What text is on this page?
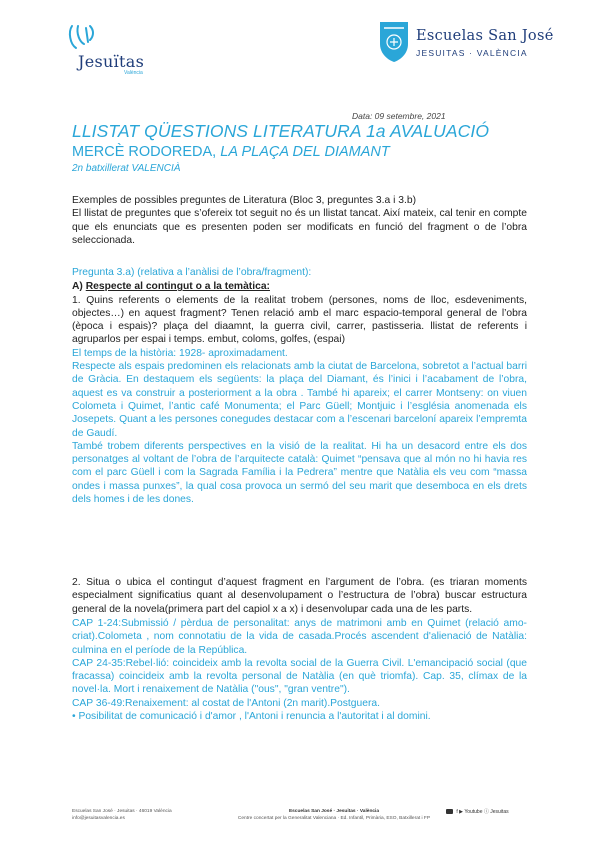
Jesuïtas
València
Escuelas San José
JESUITAS · VALÈNCIA
Data: 09 setembre, 2021
LLISTAT QÜESTIONS LITERATURA 1a AVALUACIÓ
MERCÈ RODOREDA, LA PLAÇA DEL DIAMANT
2n batxillerat VALENCIÀ

Exemples de possibles preguntes de Literatura (Bloc 3, preguntes 3.a i 3.b)

El llistat de preguntes que s’ofereix tot seguit no és un llistat tancat. Així mateix, cal tenir en compte que els enunciats que es presenten poden ser modificats en funció del fragment o de l’obra seleccionada.

Pregunta 3.a) (relativa a l’anàlisi de l’obra/fragment):

A) Respecte al contingut o a la temàtica:

1. Quins referents o elements de la realitat trobem (persones, noms de lloc, esdeveniments, objectes…) en aquest fragment? Tenen relació amb el marc espacio-temporal general de l’obra (època i espais)? plaça del diaamnt, la guerra civil, carrer, pastisseria. llistat de referents i agruparlos per espai i temps. embut, coloms, golfes, (espai)

El temps de la història: 1928- aproximadament.

Respecte als espais predominen els relacionats amb la ciutat de Barcelona, sobretot a l’actual barri de Gràcia. En destaquem els següents: la plaça del Diamant, és l’inici i l’acabament de l’obra, aquest es va construir a posteriorment a la obra . També hi apareix; el carrer Montseny: on viuen Colometa i Quimet, l’antic café Monumenta; el Parc Güell; Montjuic i l’església anomenada els Josepets. Quant a les persones conegudes destacar com a l’escenari barceloní apareix l’empremta de Gaudí.

També trobem diferents perspectives en la visió de la realitat. Hi ha un desacord entre els dos personatges al voltant de l’obra de l’arquitecte català: Quimet “pensava que al món no hi havia res com el parc Güell i com la Sagrada Família i la Pedrera” mentre que Natàlia els veu com “massa ondes i massa punxes”, la qual cosa provoca un sermó del seu marit que desemboca en els drets dels homes i de les dones.

2. Situa o ubica el contingut d’aquest fragment en l’argument de l’obra. (es triaran moments especialment significatius quant al desenvolupament o l’estructura de l’obra) buscar estructura general de la novela(primera part del capiol x a x) i desenvolupar cada una de les parts.

CAP 1-24:Submissió / pèrdua de personalitat: anys de matrimoni amb en Quimet (relació amo-criat).Colometa , nom connotatiu de la vida de casada.Procés ascendent d'alienació de Natàlia: culmina en el període de la República.

CAP 24-35:Rebel·lió: coincideix amb la revolta social de la Guerra Civil. L'emancipació social (que fracassa) coincideix amb la revolta personal de Natàlia (en què triomfa). Cap. 35, clímax de la novel·la. Mort i renaixement de Natàlia ("ous", "gran ventre").

CAP 36-49:Renaixement: al costat de l'Antoni (2n marit).Postguera.

• Posibilitat de comunicació i d'amor , l'Antoni i renuncia a l'autoritat i al domini.

Escuelas San José · Jesuitas · 46019 València
info@jesuitasvalencia.es
Escuelas San José · Jesuitas · València
Centre concertat per la Generalitat Valenciana · Ed. Infantil, Primària, ESO, Batxillerat i FP
f ▶ Youtube ⓘ Jesuitas
